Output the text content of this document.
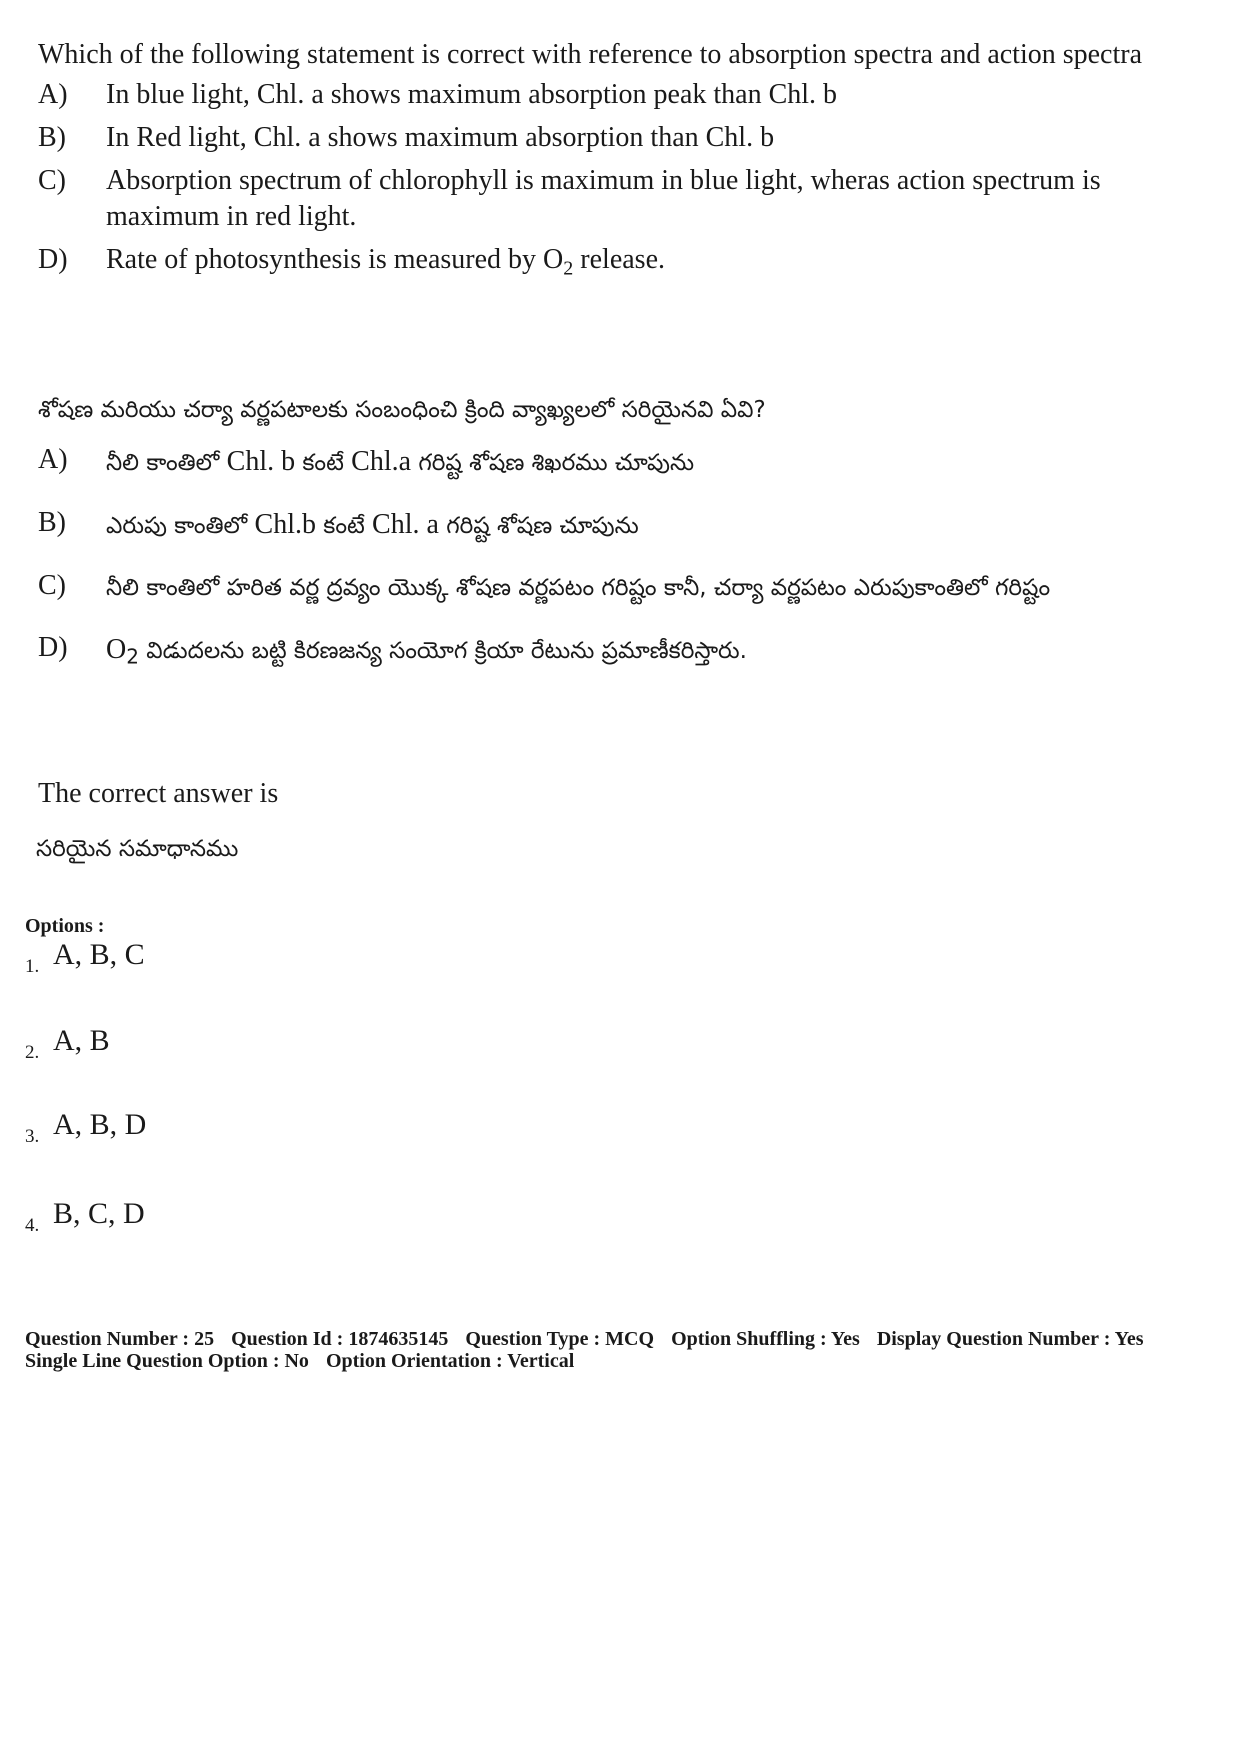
Which of the following statement is correct with reference to absorption spectra and action spectra

A)	In blue light, Chl. a shows maximum absorption peak than Chl. b
B)	In Red light, Chl. a shows maximum absorption than Chl. b
C)	Absorption spectrum of chlorophyll is maximum in blue light, wheras action spectrum is maximum in red light.
D)	Rate of photosynthesis is measured by $O_2$ release.

శోషణ మరియు చర్యా వర్ణపటాలకు సంబంధించి క్రింది వ్యాఖ్యలలో సరియైనవి ఏవి?

A)	నీలి కాంతిలో Chl. b కంటే Chl.a గరిష్ట శోషణ శిఖరము చూపును
B)	ఎరుపు కాంతిలో Chl.b కంటే Chl. a గరిష్ట శోషణ చూపును
C)	నీలి కాంతిలో హరిత వర్ణ ద్రవ్యం యొక్క శోషణ వర్ణపటం గరిష్టం కానీ, చర్యా వర్ణపటం ఎరుపుకాంతిలో గరిష్టం
D)	$O_2$ విడుదలను బట్టి కిరణజన్య సంయోగ క్రియా రేటును ప్రమాణీకరిస్తారు.
The correct answer is
సరియైన సమాధానము
Options :
1. A, B, C
2. A, B
3. A, B, D
4. B, C, D
Question Number : 25 Question Id : 1874635145 Question Type : MCQ Option Shuffling : Yes Display Question Number : Yes
Single Line Question Option : No Option Orientation : Vertical
